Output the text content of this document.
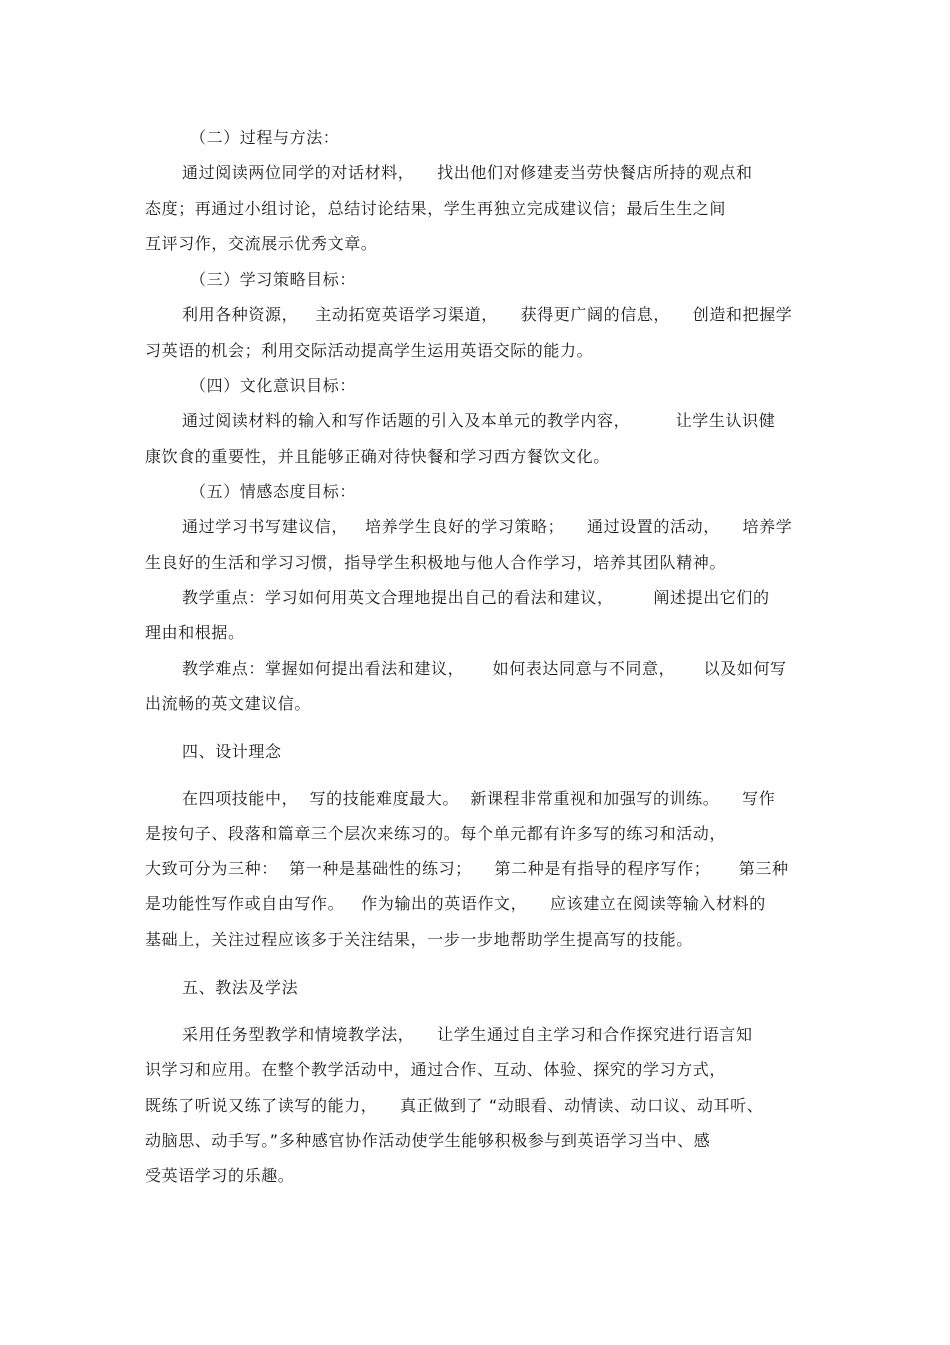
（二）过程与方法：
通过阅读两位同学的对话材料，    找出他们对修建麦当劳快餐店所持的观点和
态度；再通过小组讨论，总结讨论结果，学生再独立完成建议信；最后生生之间
互评习作，交流展示优秀文章。
（三）学习策略目标：
利用各种资源，   主动拓宽英语学习渠道，    获得更广阔的信息，    创造和把握学
习英语的机会；利用交际活动提高学生运用英语交际的能力。
（四）文化意识目标：
通过阅读材料的输入和写作话题的引入及本单元的教学内容，        让学生认识健
康饮食的重要性，并且能够正确对待快餐和学习西方餐饮文化。
（五）情感态度目标：
通过学习书写建议信，   培养学生良好的学习策略；    通过设置的活动，    培养学
生良好的生活和学习习惯，指导学生积极地与他人合作学习，培养其团队精神。
教学重点：学习如何用英文合理地提出自己的看法和建议，       阐述提出它们的
理由和根据。
教学难点：掌握如何提出看法和建议，     如何表达同意与不同意，     以及如何写
出流畅的英文建议信。
四、设计理念
在四项技能中，  写的技能难度最大。  新课程非常重视和加强写的训练。    写作
是按句子、段落和篇章三个层次来练习的。每个单元都有许多写的练习和活动，
大致可分为三种：  第一种是基础性的练习；    第二种是有指导的程序写作；     第三种
是功能性写作或自由写作。   作为输出的英语作文，    应该建立在阅读等输入材料的
基础上，关注过程应该多于关注结果，一步一步地帮助学生提高写的技能。
五、教法及学法
采用任务型教学和情境教学法，    让学生通过自主学习和合作探究进行语言知
识学习和应用。在整个教学活动中，通过合作、互动、体验、探究的学习方式，
既练了听说又练了读写的能力，    真正做到了 “动眼看、动情读、动口议、动耳听、
动脑思、动手写。”多种感官协作活动使学生能够积极参与到英语学习当中、感
受英语学习的乐趣。
